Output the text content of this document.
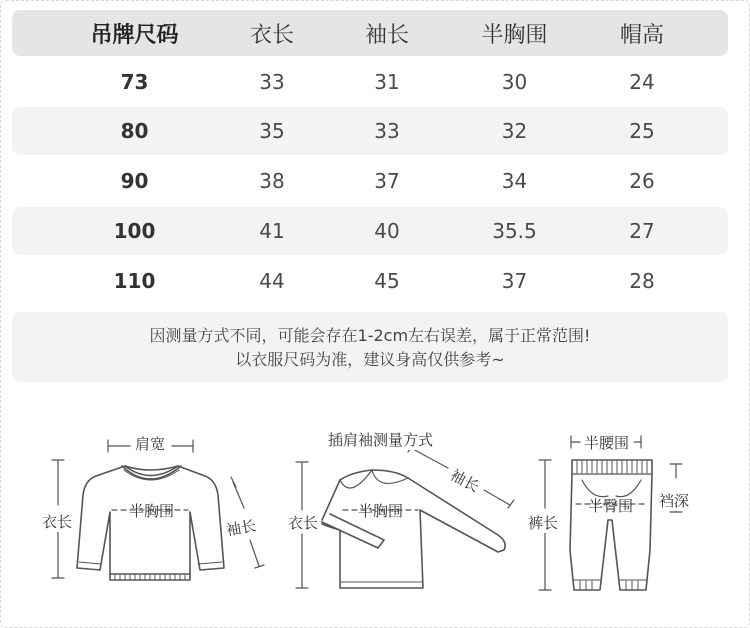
吊牌尺码	衣长	袖长	半胸围	帽高
73	33	31	30	24
80	35	33	32	25
90	38	37	34	26
100	41	40	35.5	27
110	44	45	37	28
因测量方式不同，可能会存在1-2cm左右误差，属于正常范围!
以衣服尺码为准，建议身高仅供参考~
肩宽
衣长
半胸围
袖长
插肩袖测量方式
衣长
半胸围
袖长
半腰围
裆深
半臀围
裤长
